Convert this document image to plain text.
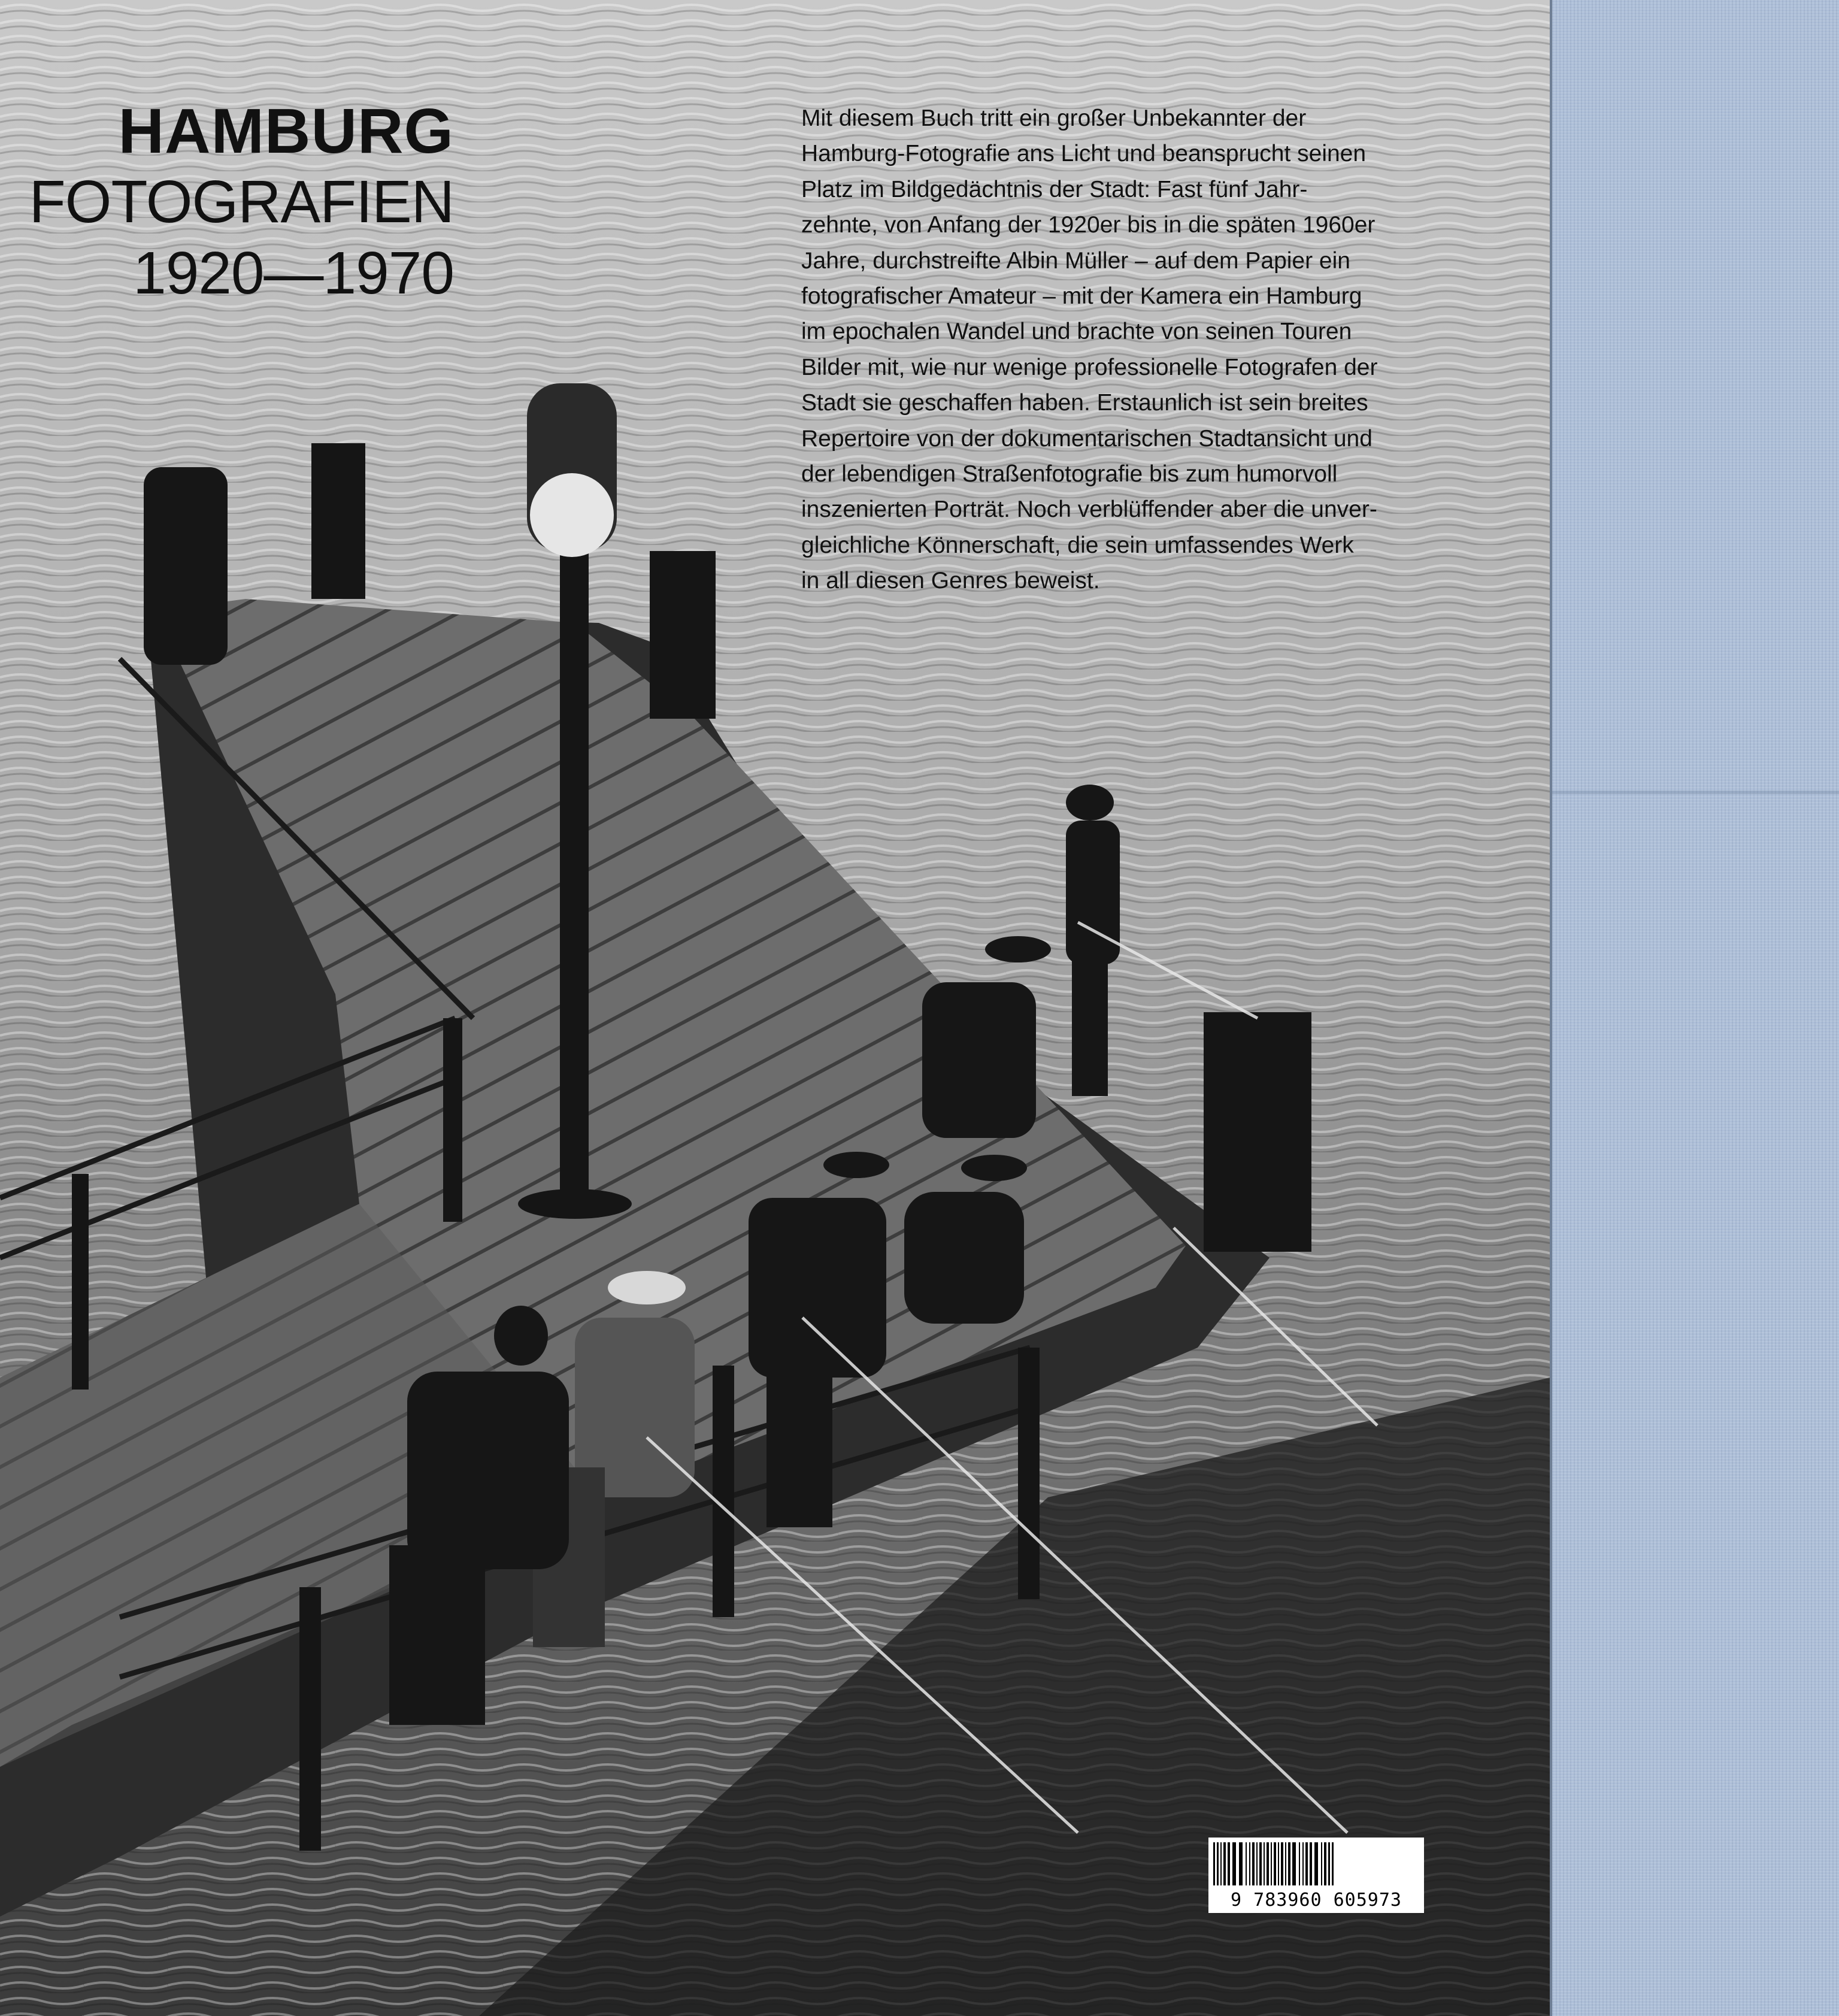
HAMBURG
FOTOGRAFIEN
1920—1970
Mit diesem Buch tritt ein großer Unbekannter der
Hamburg-Fotografie ans Licht und beansprucht seinen
Platz im Bildgedächtnis der Stadt: Fast fünf Jahr-
zehnte, von Anfang der 1920er bis in die späten 1960er
Jahre, durchstreifte Albin Müller – auf dem Papier ein
fotografischer Amateur – mit der Kamera ein Hamburg
im epochalen Wandel und brachte von seinen Touren
Bilder mit, wie nur wenige professionelle Fotografen der
Stadt sie geschaffen haben. Erstaunlich ist sein breites
Repertoire von der dokumentarischen Stadtansicht und
der lebendigen Straßenfotografie bis zum humorvoll
inszenierten Porträt. Noch verblüffender aber die unver-
gleichliche Könnerschaft, die sein umfassendes Werk
in all diesen Genres beweist.
9 783960 605973
